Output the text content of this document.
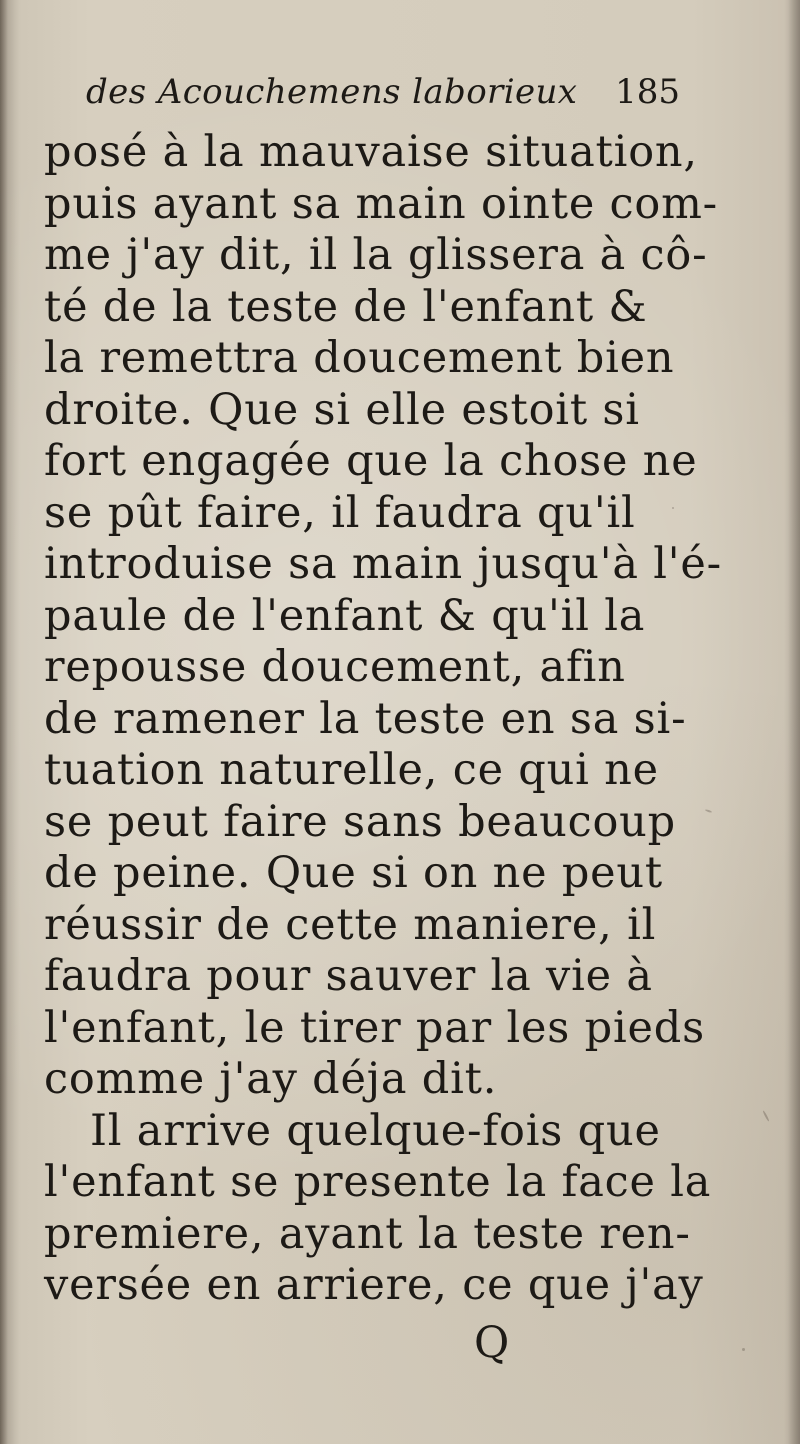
des Acouchemens laborieux 185
posé à la mauvaise situation,
puis ayant sa main ointe com-
me j'ay dit, il la glissera à cô-
té de la teste de l'enfant &
la remettra doucement bien
droite. Que si elle estoit si
fort engagée que la chose ne
se pût faire, il faudra qu'il
introduise sa main jusqu'à l'é-
paule de l'enfant & qu'il la
repousse doucement, afin
de ramener la teste en sa si-
tuation naturelle, ce qui ne
se peut faire sans beaucoup
de peine. Que si on ne peut
réussir de cette maniere, il
faudra pour sauver la vie à
l'enfant, le tirer par les pieds
comme j'ay déja dit.
Il arrive quelque-fois que
l'enfant se presente la face la
premiere, ayant la teste ren-
versée en arriere, ce que j'ay
Q
